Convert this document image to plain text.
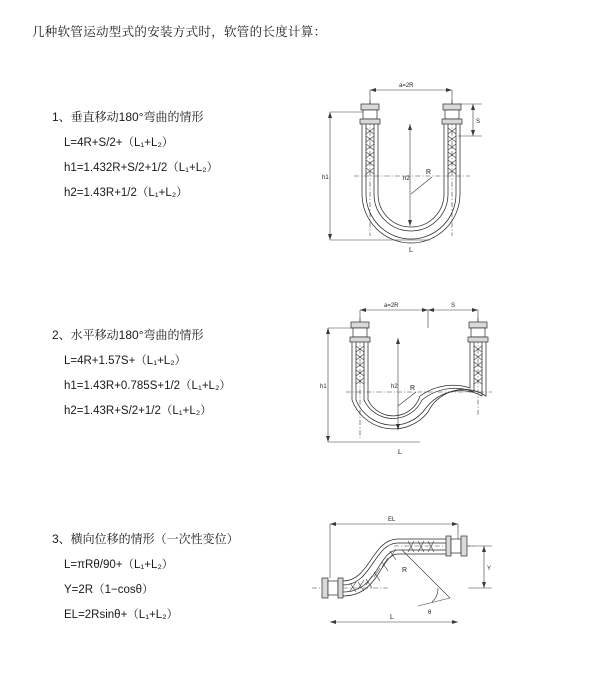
几种软管运动型式的安装方式时，软管的长度计算：
1、垂直移动180°弯曲的情形
L=4R+S/2+（L₁+L₂）
h1=1.432R+S/2+1/2（L₁+L₂）
h2=1.43R+1/2（L₁+L₂）
a=2R
S
h1	h2
R
L
2、水平移动180°弯曲的情形
L=4R+1.57S+（L₁+L₂）
h1=1.43R+0.785S+1/2（L₁+L₂）
h2=1.43R+S/2+1/2（L₁+L₂）
a=2R	S
h1	h2 R
L
3、横向位移的情形（一次性变位）
L=πRθ/90+（L₁+L₂）
Y=2R（1−cosθ）
EL=2Rsinθ+（L₁+L₂）
EL
Y
R
θ
L
